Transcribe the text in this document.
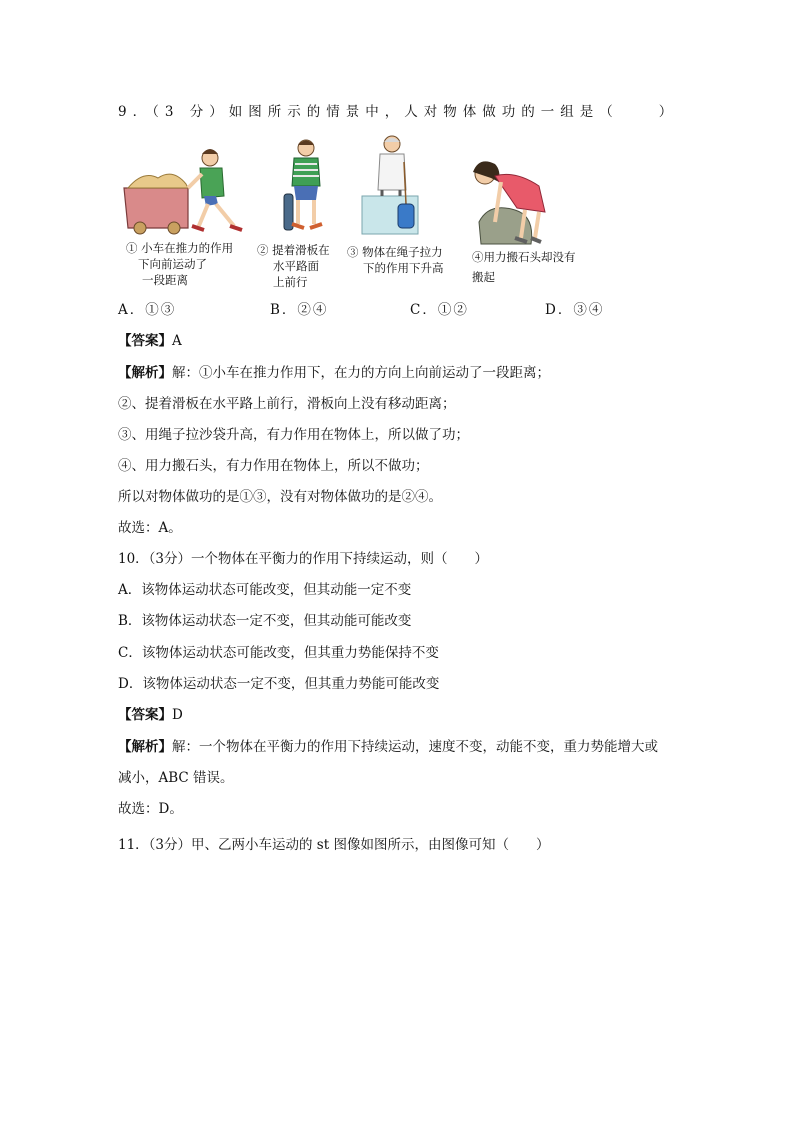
9．（3 分）如图所示的情景中，人对物体做功的一组是（	）
① 小车在推力的作用
下向前运动了
一段距离
② 提着滑板在
水平路面
上前行
③ 物体在绳子拉力
下的作用下升高
④用力搬石头却没有
搬起
A．①③	B．②④	C．①②	D．③④
【答案】A
【解析】解：①小车在推力作用下，在力的方向上向前运动了一段距离；
②、提着滑板在水平路上前行，滑板向上没有移动距离；
③、用绳子拉沙袋升高，有力作用在物体上，所以做了功；
④、用力搬石头，有力作用在物体上，所以不做功；
所以对物体做功的是①③，没有对物体做功的是②④。
故选：A。
10．（3分）一个物体在平衡力的作用下持续运动，则（　　）
A．该物体运动状态可能改变，但其动能一定不变
B．该物体运动状态一定不变，但其动能可能改变
C．该物体运动状态可能改变，但其重力势能保持不变
D．该物体运动状态一定不变，但其重力势能可能改变
【答案】D
【解析】解：一个物体在平衡力的作用下持续运动，速度不变，动能不变，重力势能增大或
减小，ABC 错误。
故选：D。
11．（3分）甲、乙两小车运动的 st 图像如图所示，由图像可知（　　）
